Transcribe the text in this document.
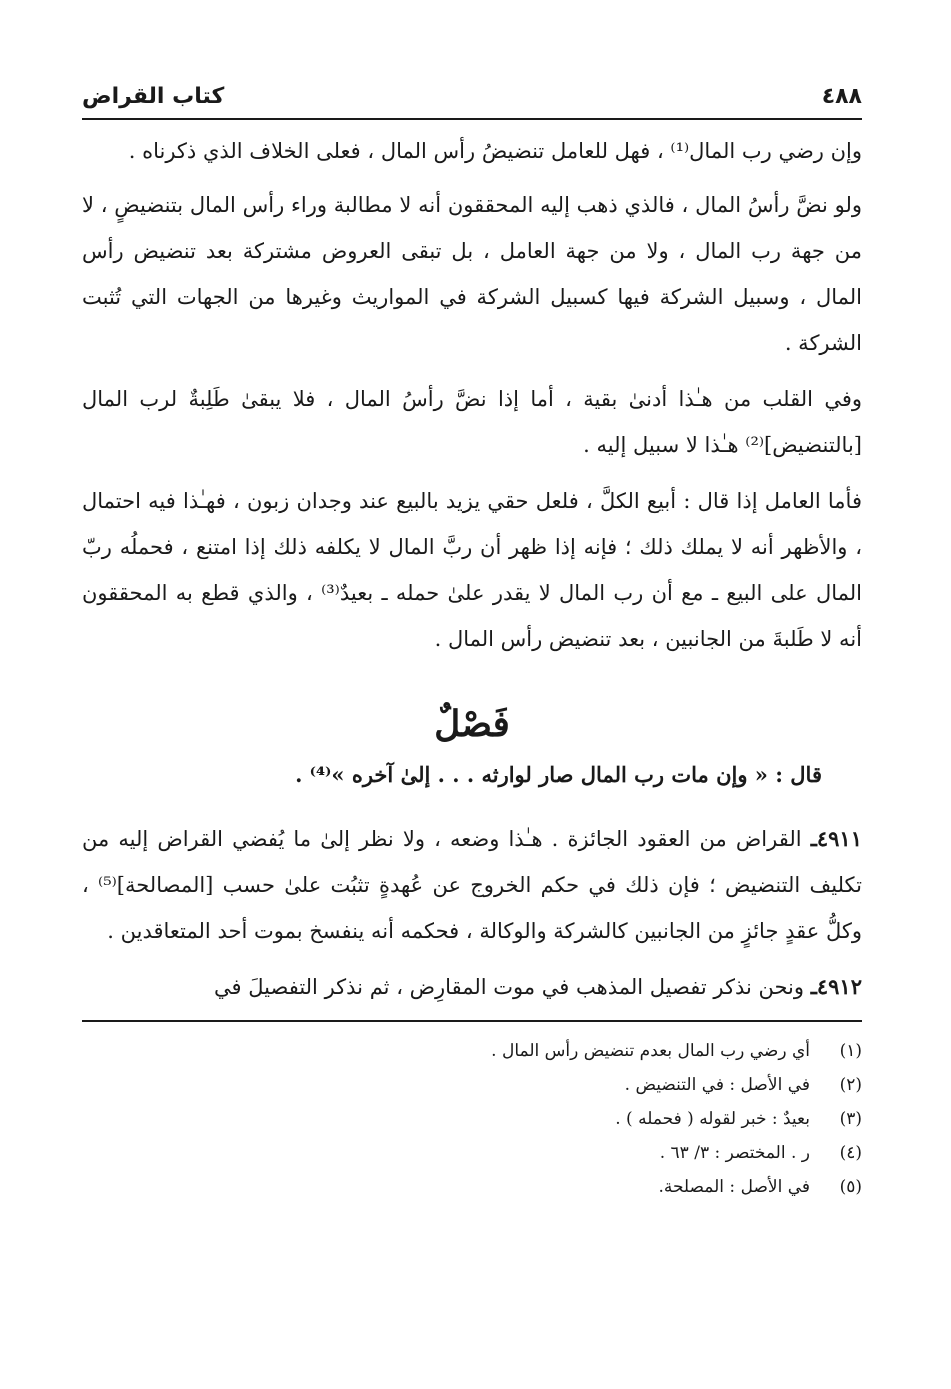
٤٨٨
كتاب القراض

وإن رضي رب المال⁽¹⁾ ، فهل للعامل تنضيضُ رأس المال ، فعلى الخلاف الذي ذكرناه .

ولو نضَّ رأسُ المال ، فالذي ذهب إليه المحققون أنه لا مطالبة وراء رأس المال بتنضيضٍ ، لا من جهة رب المال ، ولا من جهة العامل ، بل تبقى العروض مشتركة بعد تنضيض رأس المال ، وسبيل الشركة فيها كسبيل الشركة في المواريث وغيرها من الجهات التي تُثبت الشركة .

وفي القلب من هـٰذا أدنىٰ بقية ، أما إذا نضَّ رأسُ المال ، فلا يبقىٰ طَلِبةٌ لرب المال [بالتنضيض]⁽²⁾ هـٰذا لا سبيل إليه .

فأما العامل إذا قال : أبيع الكلَّ ، فلعل حقي يزيد بالبيع عند وجدان زبون ، فهـٰذا فيه احتمال ، والأظهر أنه لا يملك ذلك ؛ فإنه إذا ظهر أن ربَّ المال لا يكلفه ذلك إذا امتنع ، فحملُه ربّ المال على البيع ـ مع أن رب المال لا يقدر علىٰ حمله ـ بعيدٌ⁽³⁾ ، والذي قطع به المحققون أنه لا طَلبةَ من الجانبين ، بعد تنضيض رأس المال .

فَصْلٌ
قال : « وإن مات رب المال صار لوارثه . . . إلىٰ آخره »⁽⁴⁾ .

٤٩١١ـ القراض من العقود الجائزة . هـٰذا وضعه ، ولا نظر إلىٰ ما يُفضي القراض إليه من تكليف التنضيض ؛ فإن ذلك في حكم الخروج عن عُهدةٍ تثبُت علىٰ حسب [المصالحة]⁽⁵⁾ ، وكلُّ عقدٍ جائزٍ من الجانبين كالشركة والوكالة ، فحكمه أنه ينفسخ بموت أحد المتعاقدين .

٤٩١٢ـ ونحن نذكر تفصيل المذهب في موت المقارِض ، ثم نذكر التفصيلَ في

(١)
أي رضي رب المال بعدم تنضيض رأس المال .
(٢)
في الأصل : في التنضيض .
(٣)
بعيدٌ : خبر لقوله ( فحمله ) .
(٤)
ر . المختصر : ٣/ ٦٣ .
(٥)
في الأصل : المصلحة.
